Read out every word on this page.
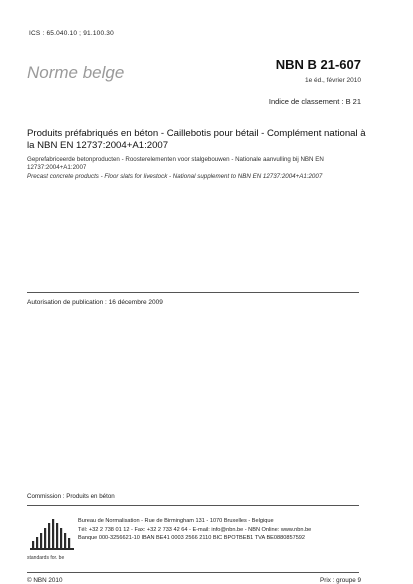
ICS : 65.040.10 ; 91.100.30
Norme belge	NBN B 21-607
1e éd., février 2010
Indice de classement : B 21
Produits préfabriqués en béton - Caillebotis pour bétail - Complément national à la NBN EN 12737:2004+A1:2007
Geprefabriceerde betonproducten - Roosterelementen voor stalgebouwen - Nationale aanvulling bij NBN EN 12737:2004+A1:2007
Precast concrete products - Floor slats for livestock - National supplement to NBN EN 12737:2004+A1:2007
Autorisation de publication : 16 décembre 2009
Commission : Produits en béton
standards for. be
Bureau de Normalisation - Rue de Birmingham 131 - 1070 Bruxelles - Belgique
Tél: +32 2 738 01 12 - Fax: +32 2 733 42 64 - E-mail: info@nbn.be - NBN Online: www.nbn.be
Banque 000-3256621-10 IBAN BE41 0003 2566 2110 BIC BPOTBEB1 TVA BE0880857592
© NBN 2010	Prix : groupe 9
